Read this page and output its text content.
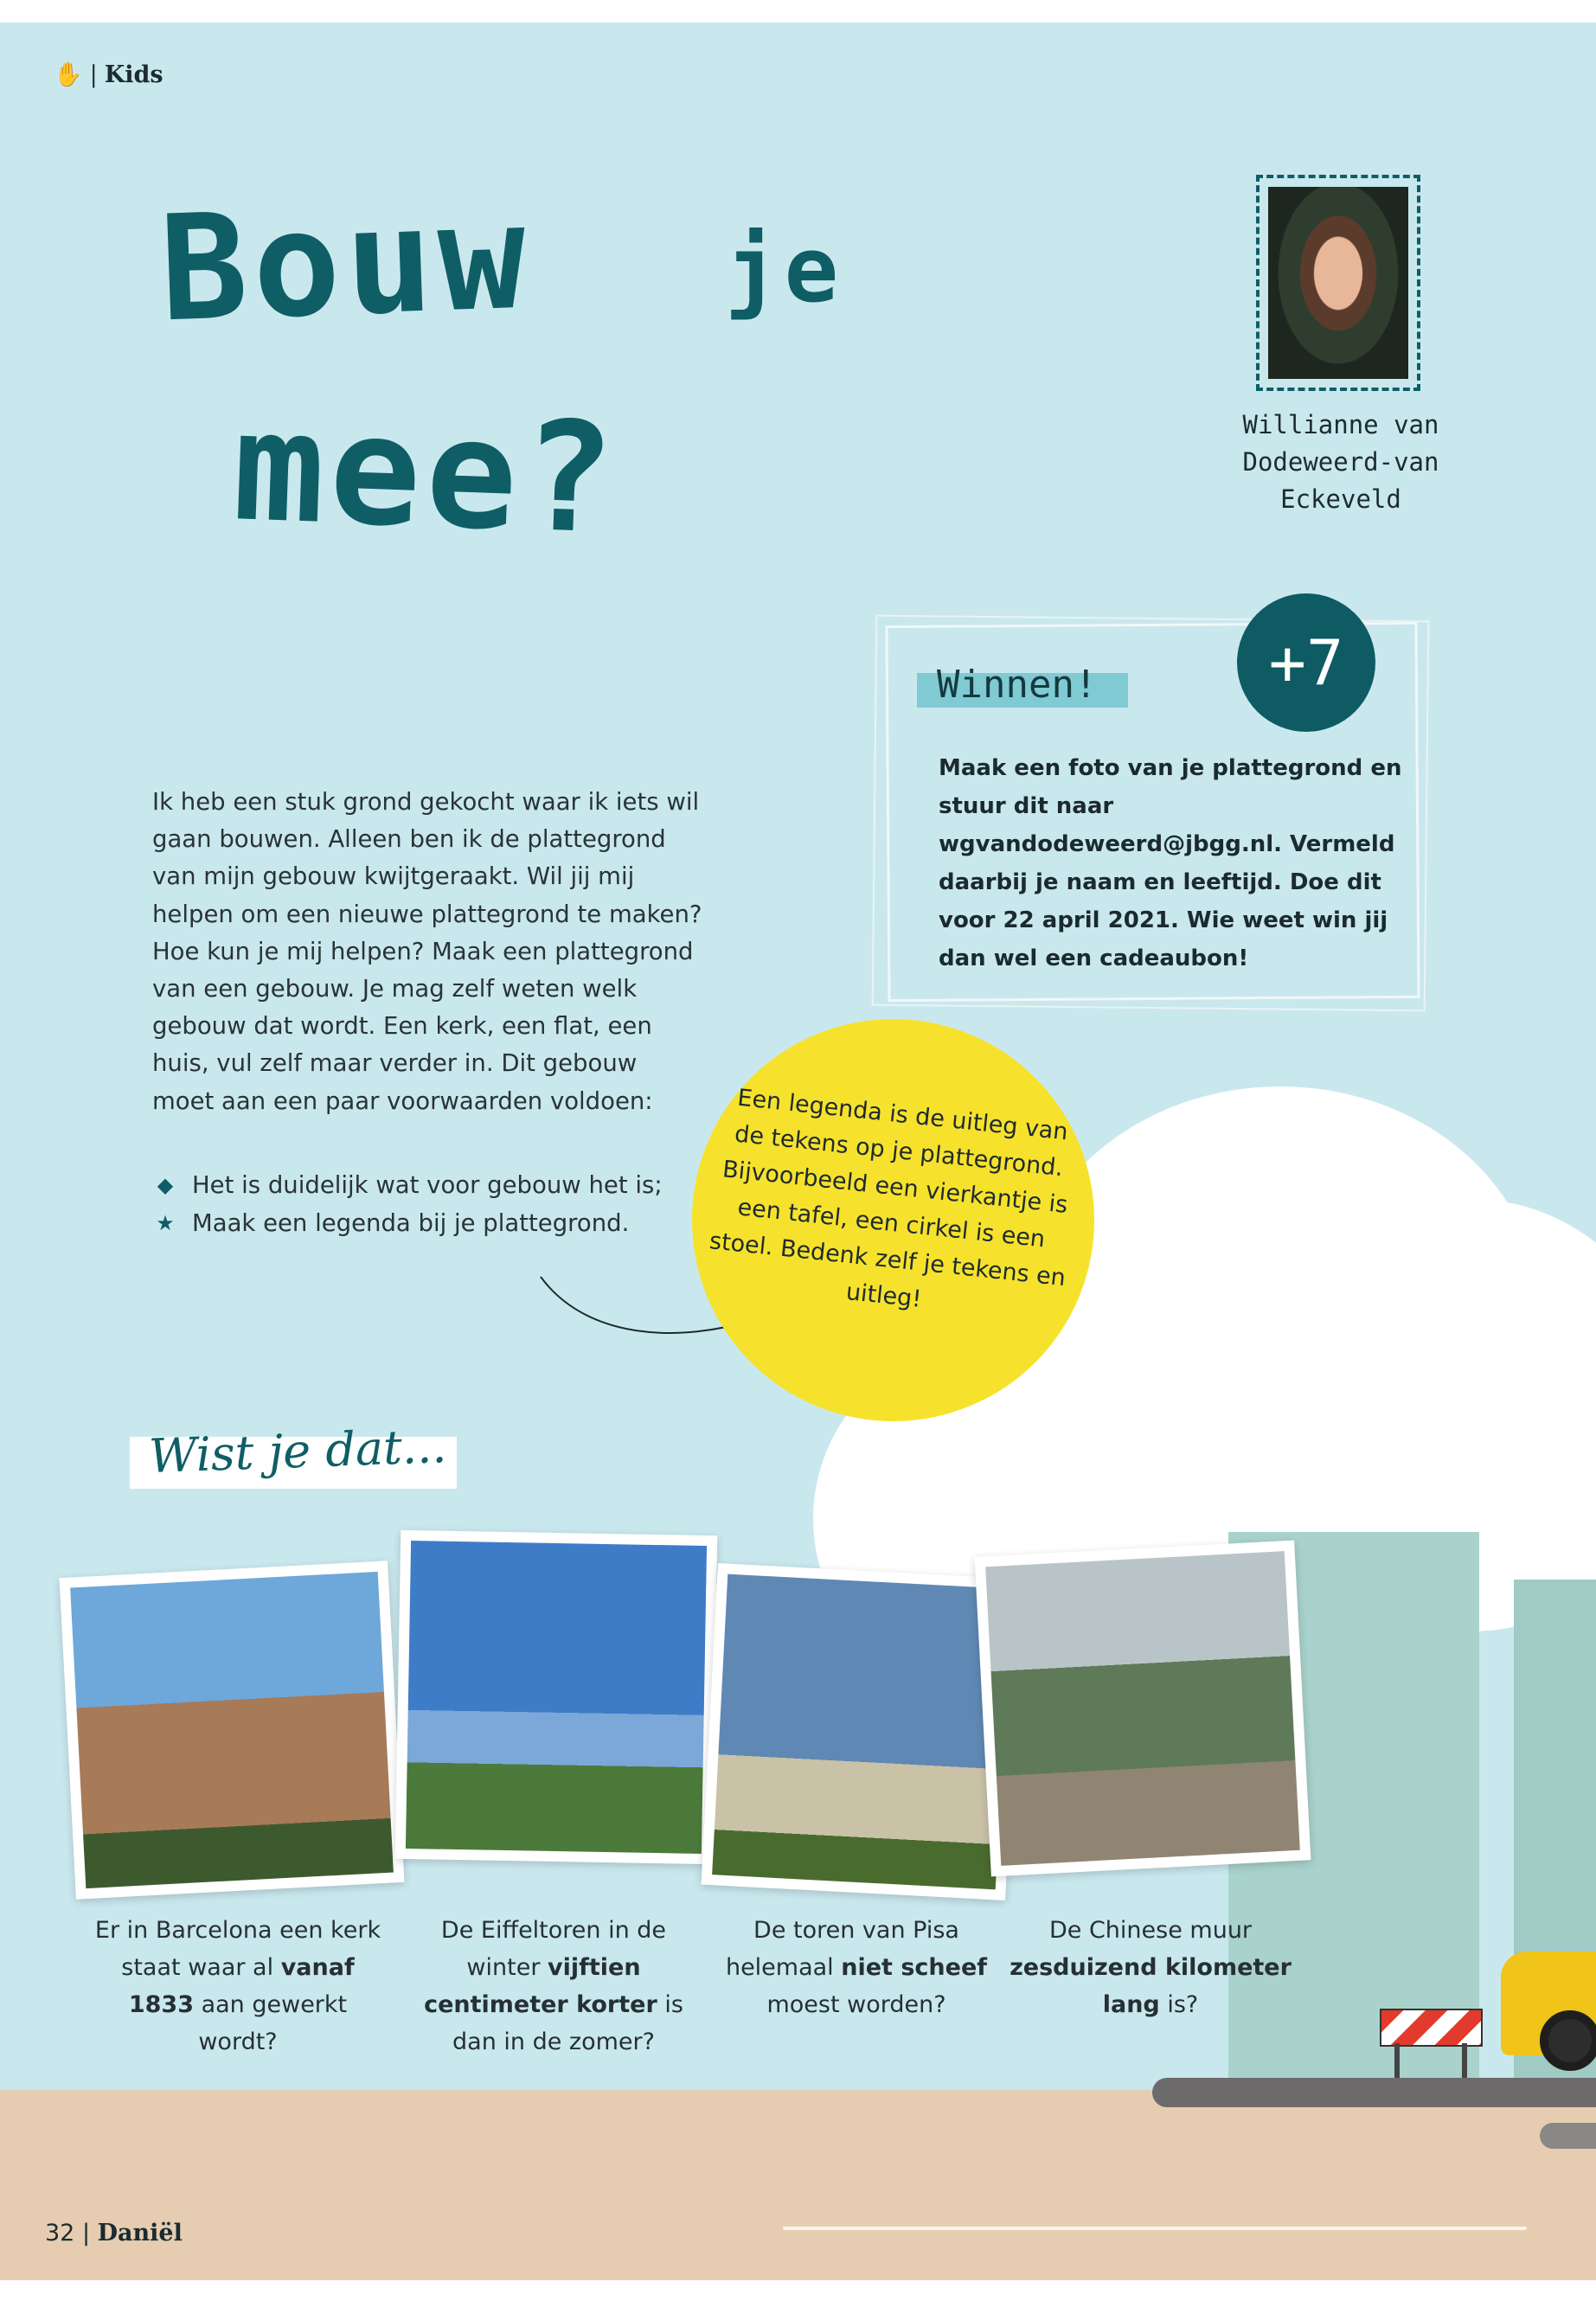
✋ | Kids
Bouw je
mee?	Willianne van Dodeweerd-van Eckeveld
Winnen!	+7
Maak een foto van je plattegrond en stuur dit naar wgvandodeweerd@jbgg.nl. Vermeld daarbij je naam en leeftijd. Doe dit voor 22 april 2021. Wie weet win jij dan wel een cadeaubon!
Ik heb een stuk grond gekocht waar ik iets wil gaan bouwen. Alleen ben ik de plattegrond van mijn gebouw kwijtgeraakt. Wil jij mij helpen om een nieuwe plattegrond te maken? Hoe kun je mij helpen? Maak een plattegrond van een gebouw. Je mag zelf weten welk gebouw dat wordt. Een kerk, een flat, een huis, vul zelf maar verder in. Dit gebouw moet aan een paar voorwaarden voldoen:
◆ Het is duidelijk wat voor gebouw het is;
★ Maak een legenda bij je plattegrond.
Een legenda is de uitleg van de tekens op je plattegrond. Bijvoorbeeld een vierkantje is een tafel, een cirkel is een stoel. Bedenk zelf je tekens en uitleg!
Wist je dat...
Er in Barcelona een kerk staat waar al vanaf 1833 aan gewerkt wordt?
De Eiffeltoren in de winter vijftien centimeter korter is dan in de zomer?
De toren van Pisa helemaal niet scheef moest worden?
De Chinese muur zesduizend kilometer lang is?
32 | Daniël
